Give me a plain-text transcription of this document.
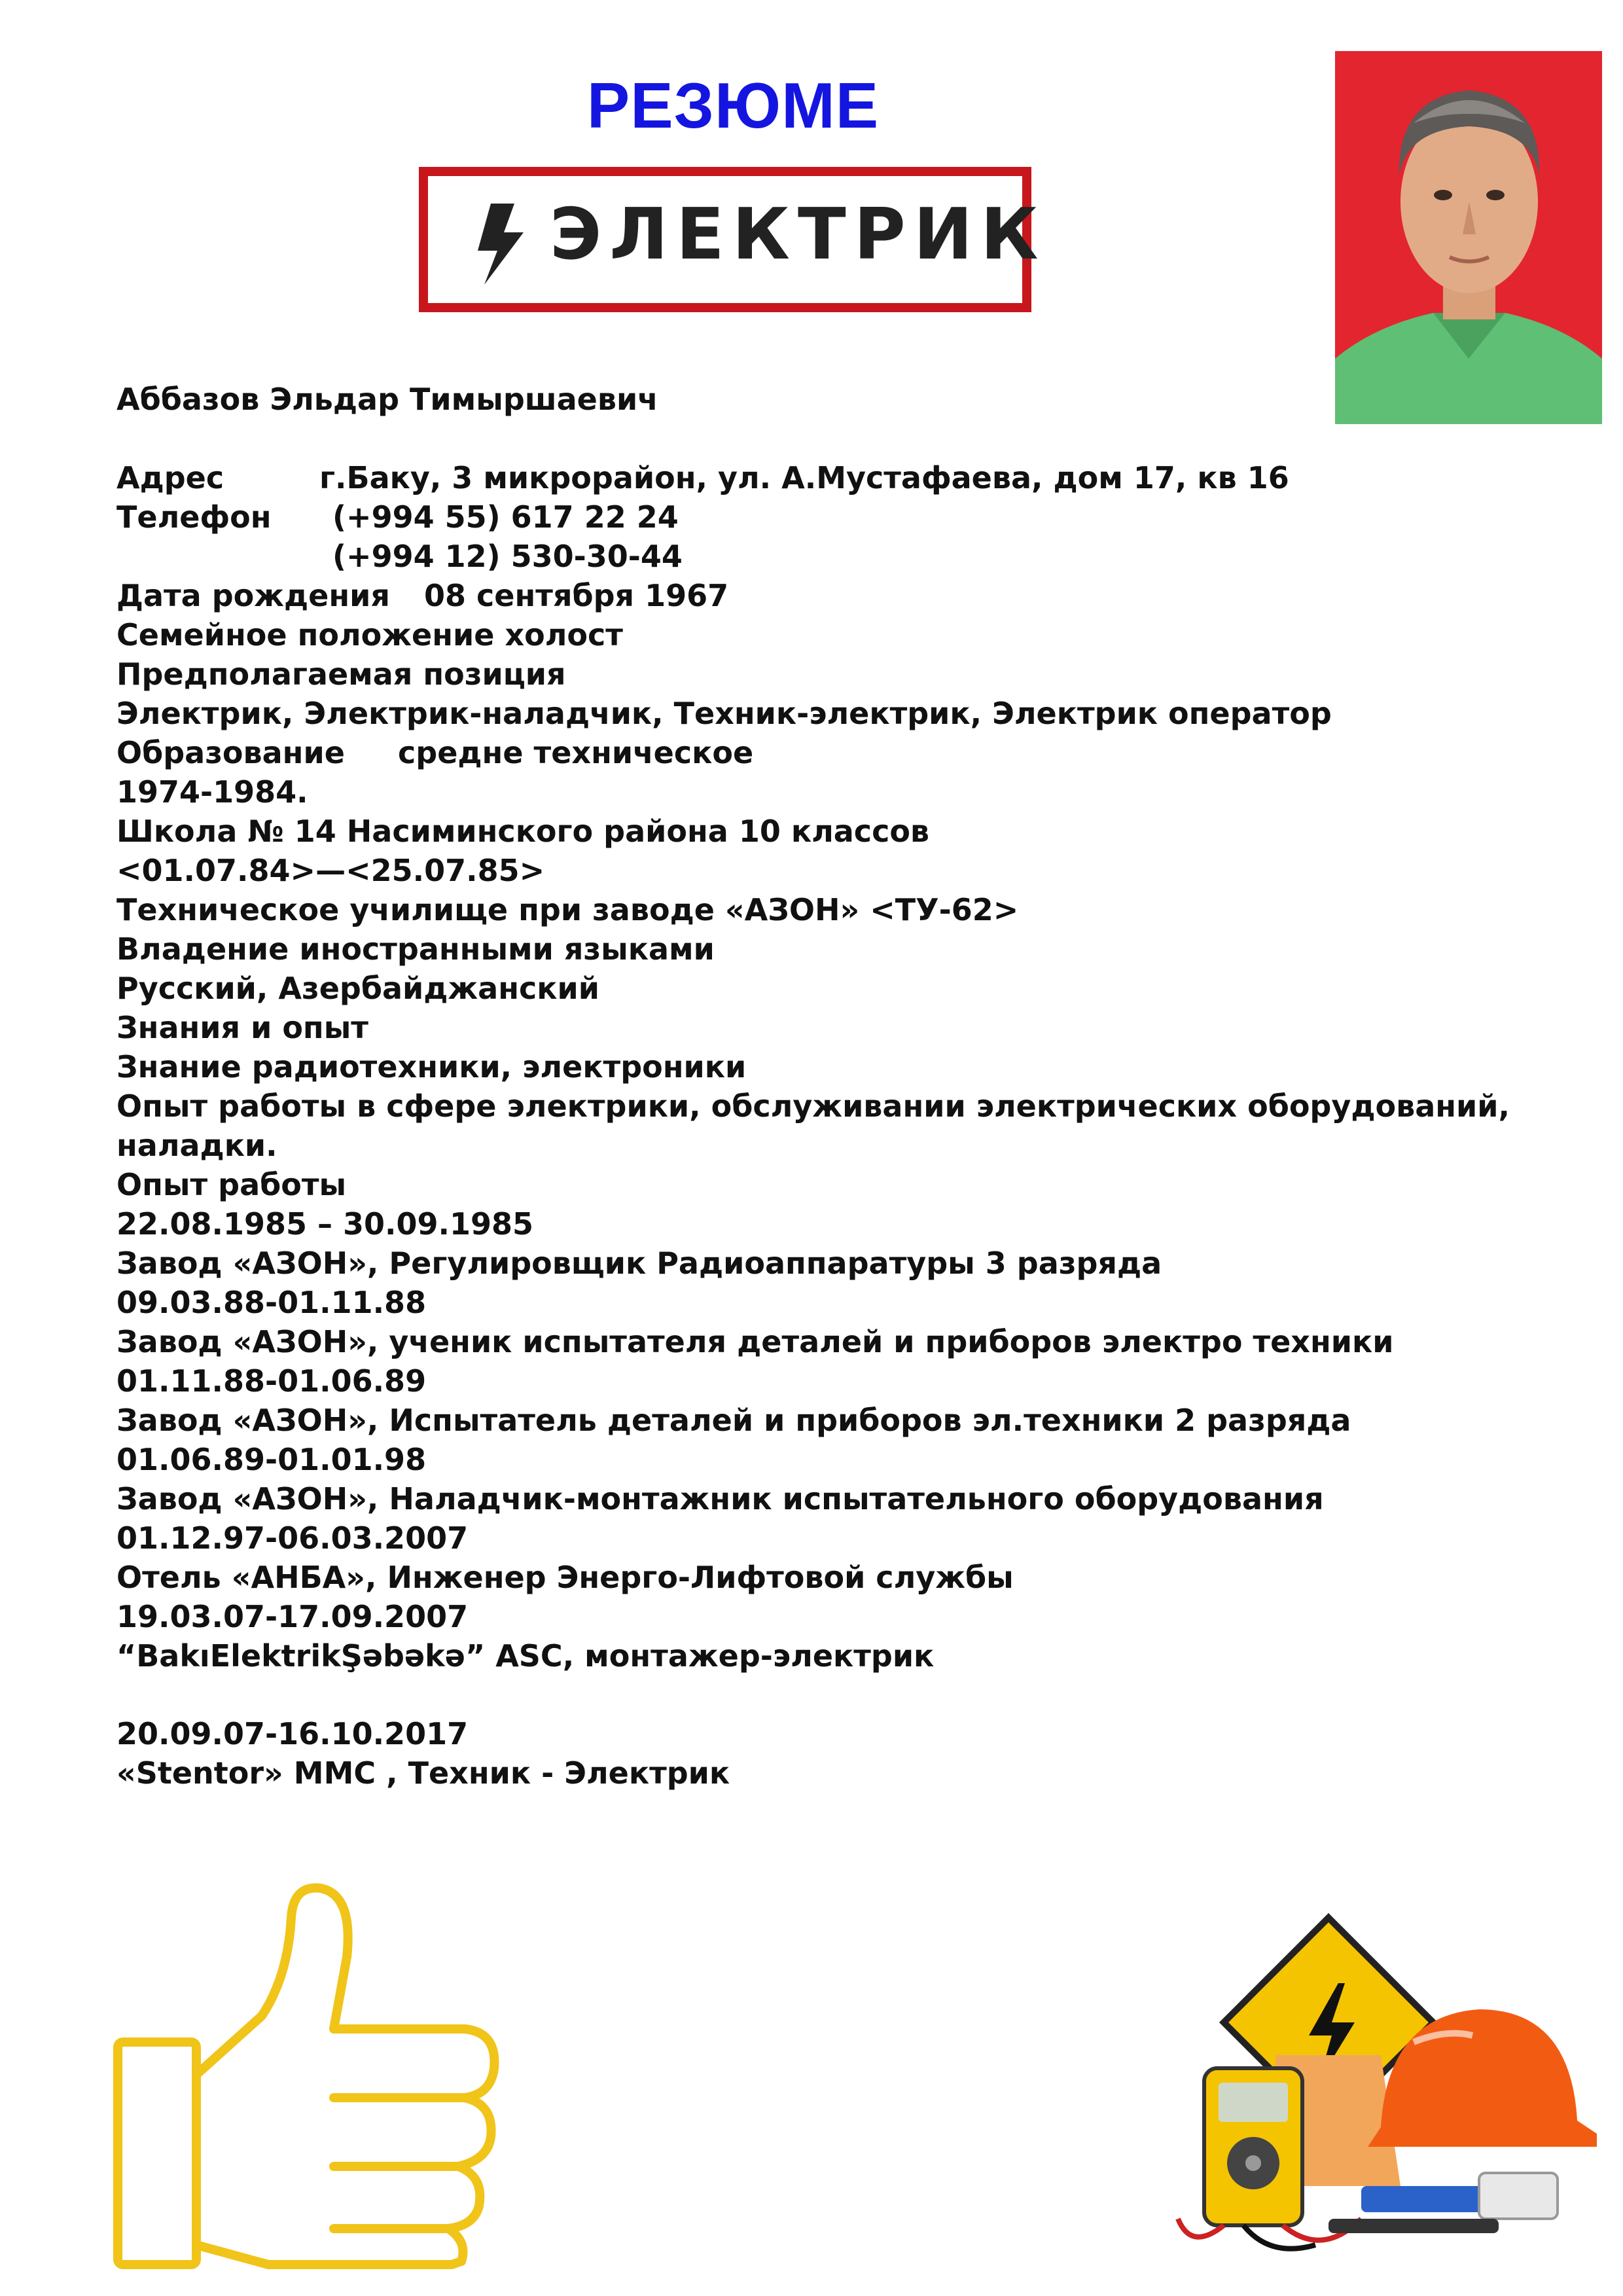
РЕЗЮМЕ
ЭЛЕКТРИК
Аббазов Эльдар Тимыршаевич
Адрес	г.Баку, 3 микрорайон, ул. А.Мустафаева, дом 17, кв 16
Телефон (+994 55) 617 22 24
(+994 12) 530-30-44
Дата рождения 08 сентября 1967
Семейное положение холост
Предполагаемая позиция
Электрик, Электрик-наладчик, Техник-электрик, Электрик оператор
Образование средне техническое
1974-1984.
Школа № 14 Насиминского района 10 классов
<01.07.84>—<25.07.85>
Техническое училище при заводе «АЗОН» <ТУ-62>
Владение иностранными языками
Русский, Азербайджанский
Знания и опыт
Знание радиотехники, электроники
Опыт работы в сфере электрики, обслуживании электрических оборудований, наладки.
Опыт работы
22.08.1985 – 30.09.1985
Завод «АЗОН», Регулировщик Радиоаппаратуры 3 разряда
09.03.88-01.11.88
Завод «АЗОН», ученик испытателя деталей и приборов электро техники
01.11.88-01.06.89
Завод «АЗОН», Испытатель деталей и приборов эл.техники 2 разряда
01.06.89-01.01.98
Завод «АЗОН», Наладчик-монтажник испытательного оборудования
01.12.97-06.03.2007
Отель «АНБА», Инженер Энерго-Лифтовой службы
19.03.07-17.09.2007
“BakıElektrikŞəbəkə” ASC, монтажер-электрик
20.09.07-16.10.2017
«Stentor» MMC , Техник - Электрик
